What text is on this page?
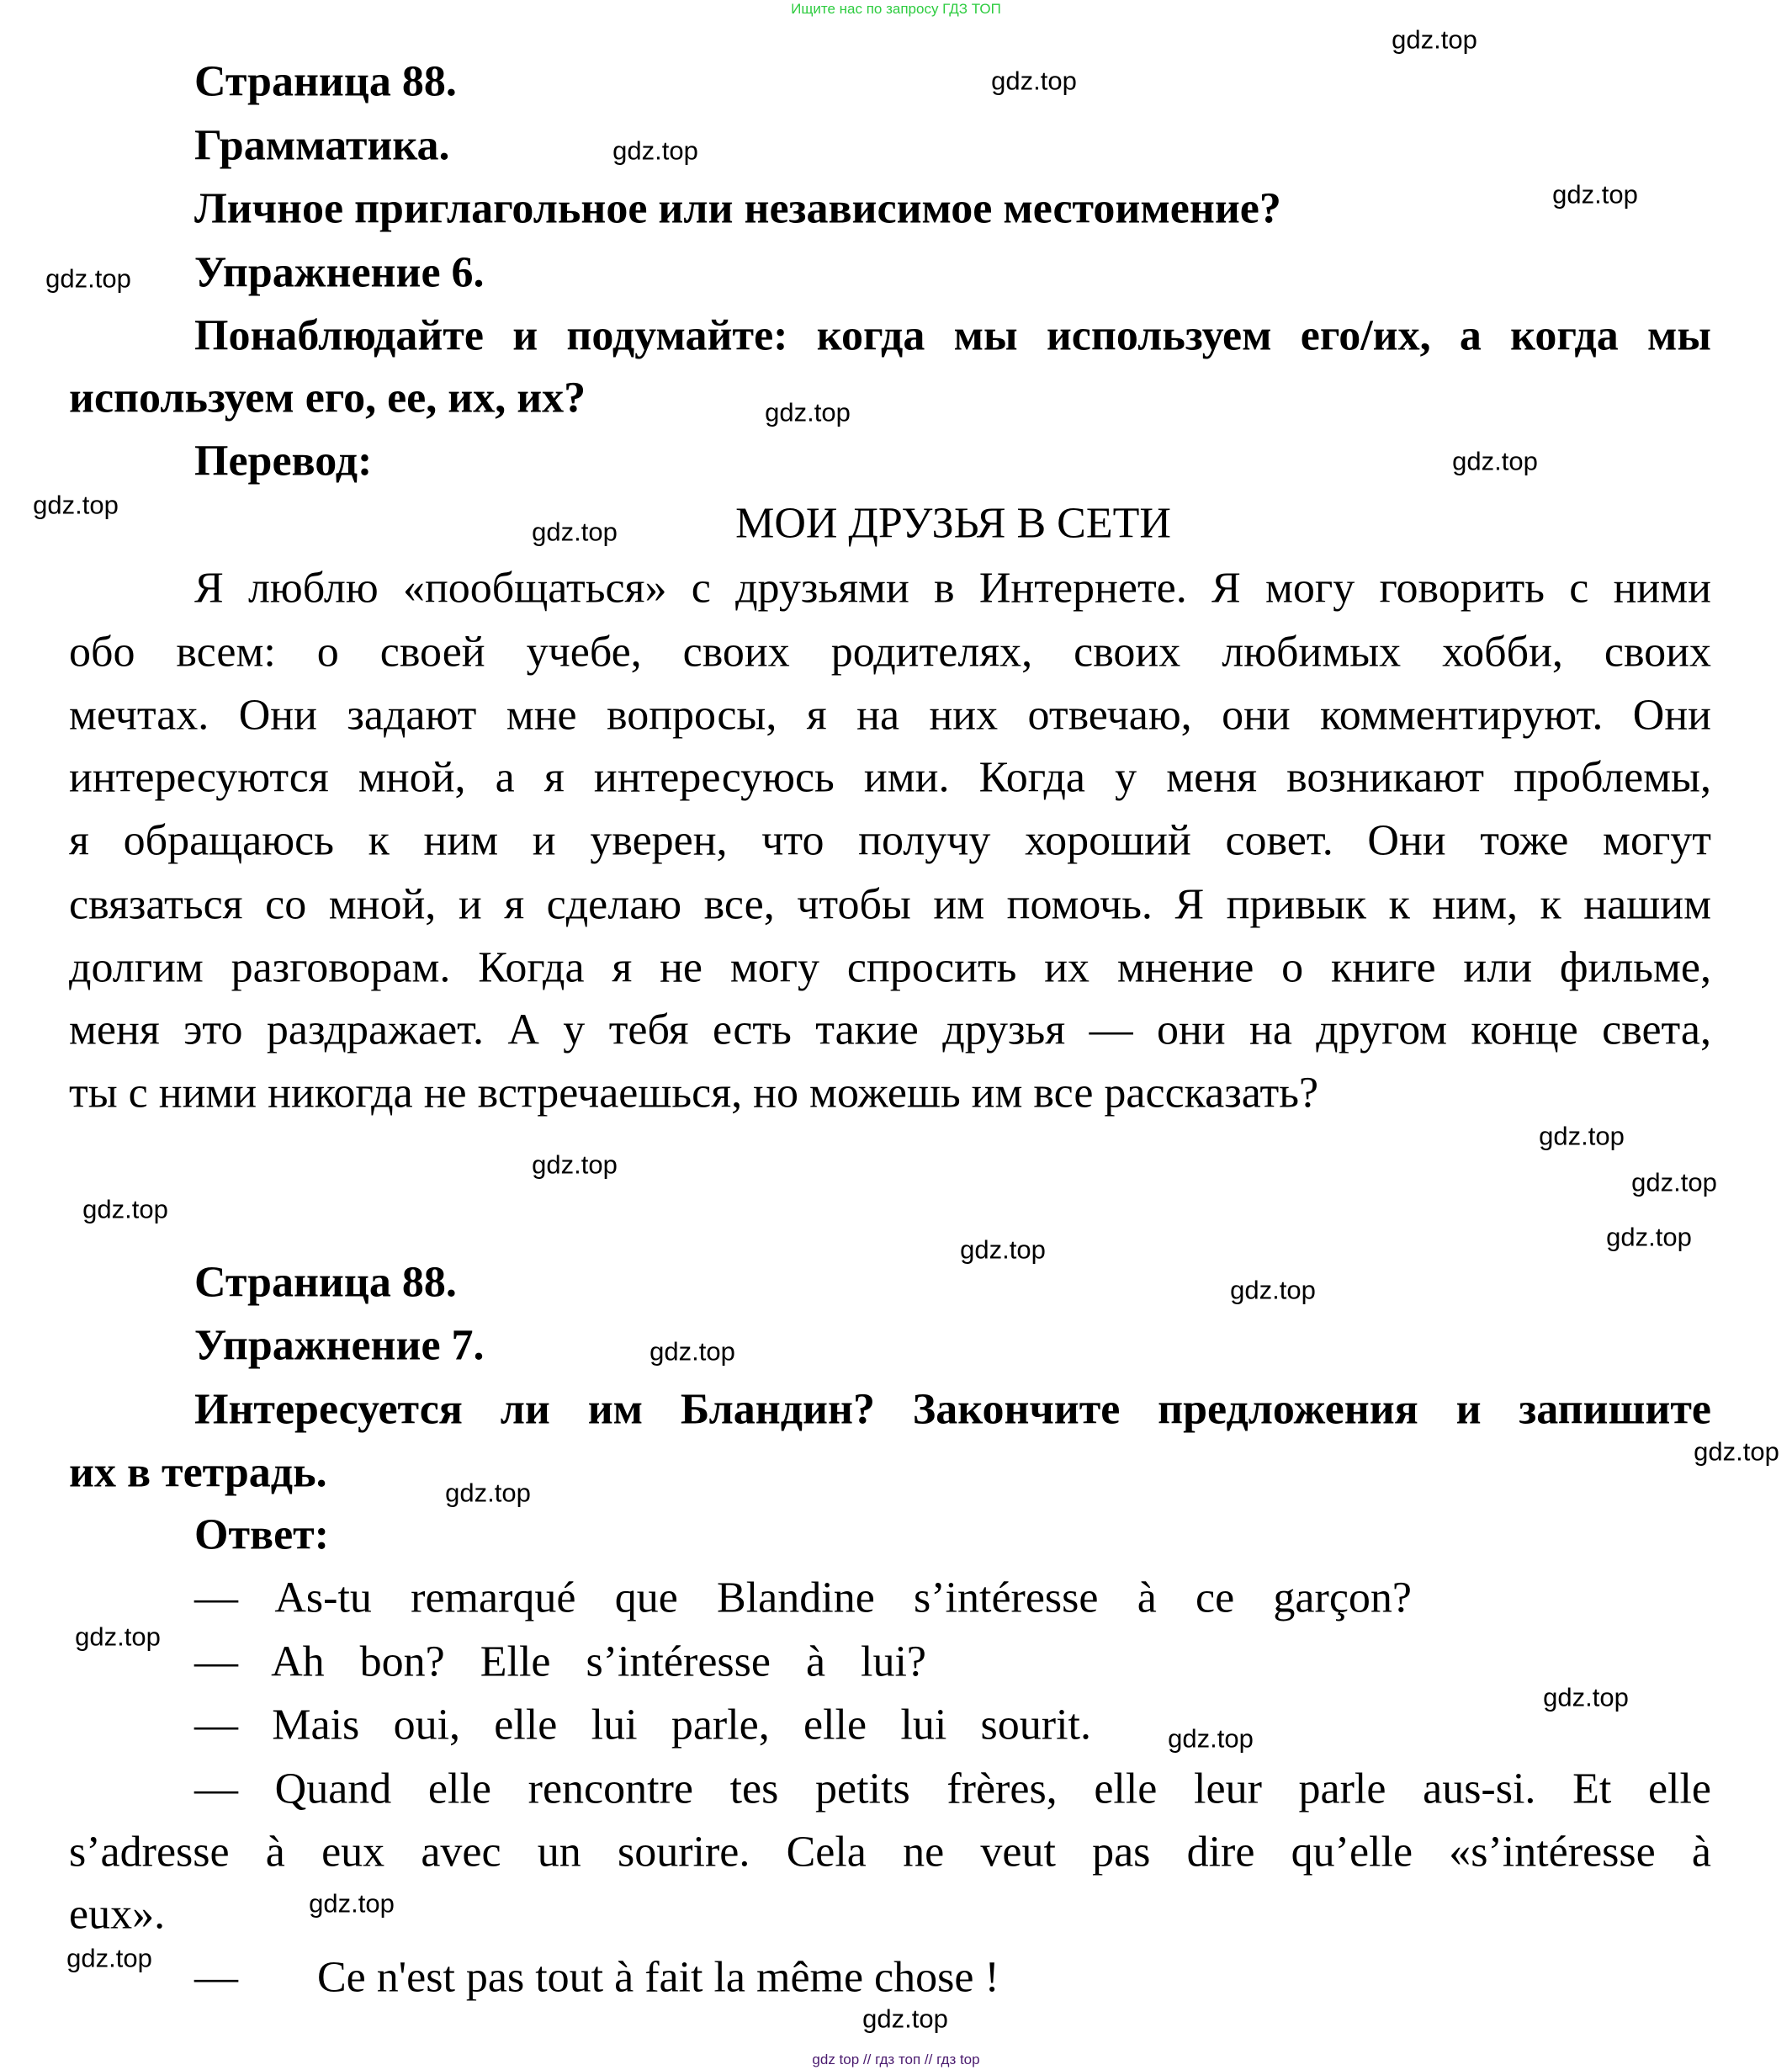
Ищите нас по запросу ГДЗ ТОП
Страница 88.
Грамматика.
Личное приглагольное или независимое местоимение?
Упражнение 6.
Понаблюдайте и подумайте: когда мы используем его/их, а когда мы
используем его, ее, их, их?
Перевод:
МОИ ДРУЗЬЯ В СЕТИ
Я люблю «пообщаться» с друзьями в Интернете. Я могу говорить с ними
обо всем: о своей учебе, своих родителях, своих любимых хобби, своих
мечтах. Они задают мне вопросы, я на них отвечаю, они комментируют. Они
интересуются мной, а я интересуюсь ими. Когда у меня возникают проблемы,
я обращаюсь к ним и уверен, что получу хороший совет. Они тоже могут
связаться со мной, и я сделаю все, чтобы им помочь. Я привык к ним, к нашим
долгим разговорам. Когда я не могу спросить их мнение о книге или фильме,
меня это раздражает. А у тебя есть такие друзья — они на другом конце света,
ты с ними никогда не встречаешься, но можешь им все рассказать?
Страница 88.
Упражнение 7.
Интересуется ли им Бландин? Закончите предложения и запишите
их в тетрадь.
Ответ:
— As-tu remarqué que Blandine s’intéresse à ce garçon?
— Ah bon? Elle s’intéresse à lui?
— Mais oui, elle lui parle, elle lui sourit.
— Quand elle rencontre tes petits frères, elle leur parle aus-si. Et elle
s’adresse à eux avec un sourire. Cela ne veut pas dire qu’elle «s’intéresse à
eux».
— Ce n'est pas tout à fait la même chose !
gdz.top
gdz.top
gdz.top
gdz.top
gdz.top
gdz.top
gdz.top
gdz.top
gdz.top
gdz.top
gdz.top
gdz.top
gdz.top
gdz.top
gdz.top
gdz.top
gdz.top
gdz.top
gdz.top
gdz.top
gdz.top
gdz.top
gdz.top
gdz.top
gdz.top
gdz top // гдз топ // гдз top
